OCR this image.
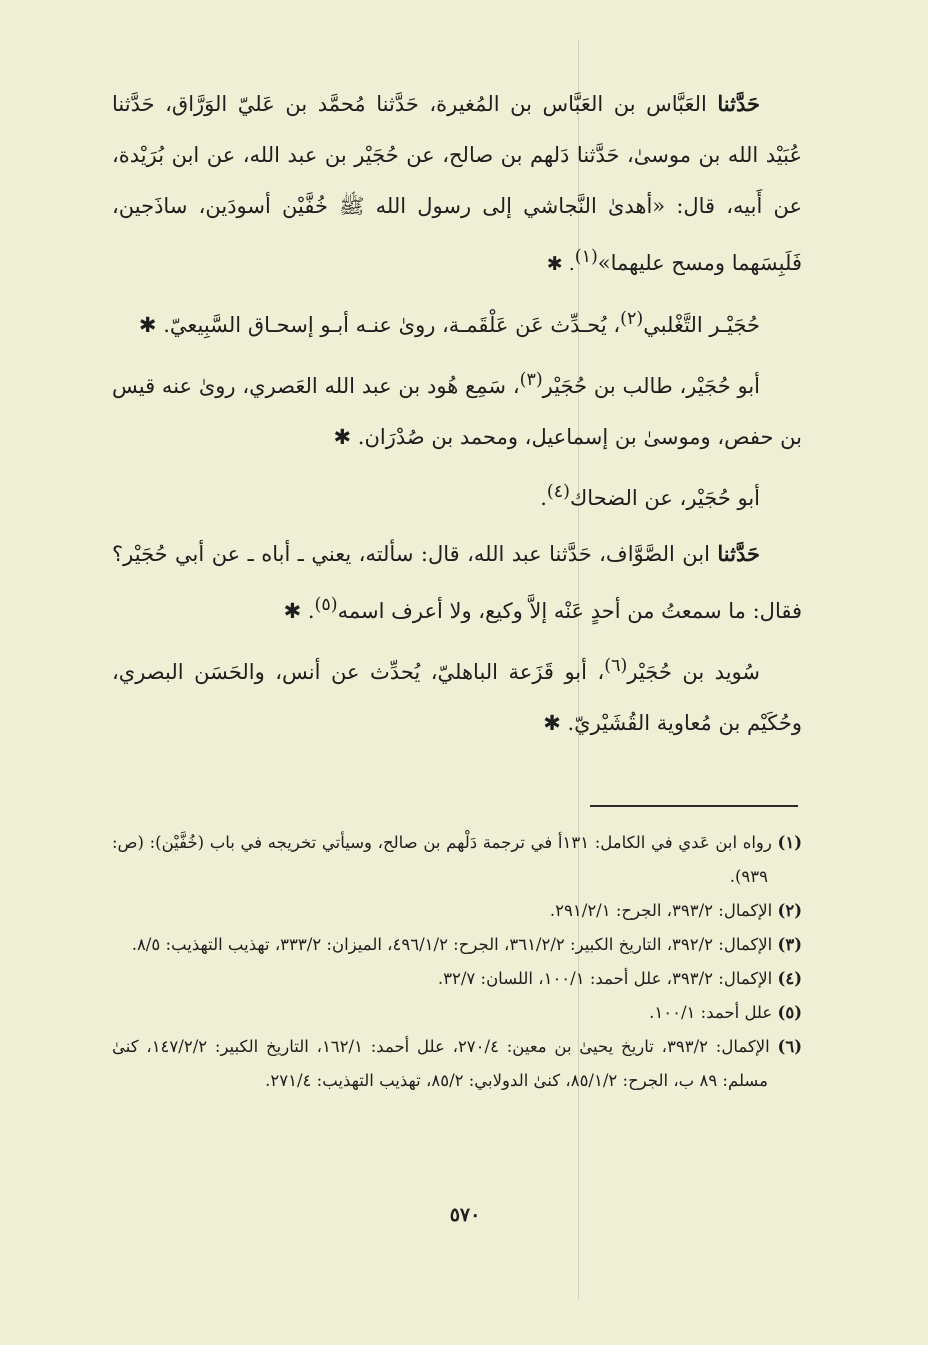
حَدَّثنا العَبَّاس بن العَبَّاس بن المُغيرة، حَدَّثنا مُحمَّد بن عَليّ الوَرَّاق، حَدَّثنا عُبَيْد الله بن موسىٰ، حَدَّثنا دَلهم بن صالح، عن حُجَيْر بن عبد الله، عن ابن بُرَيْدة، عن أَبيه، قال: «أهدىٰ النَّجاشي إلى رسول الله ﷺ خُفَّيْن أسودَين، ساذَجين، فَلَبِسَهما ومسح عليهما»$^{(١)}$. ✱

حُجَيْـر التَّغْلبي$^{(٢)}$، يُحـدِّث عَن عَلْقَمـة، روىٰ عنـه أبـو إسحـاق السَّبِيعيّ. ✱

أبو حُجَيْر، طالب بن حُجَيْر$^{(٣)}$، سَمِع هُود بن عبد الله العَصري، روىٰ عنه قيس بن حفص، وموسىٰ بن إسماعيل، ومحمد بن صُدْرَان. ✱

أبو حُجَيْر، عن الضحاك$^{(٤)}$.

حَدَّثنا ابن الصَّوَّاف، حَدَّثنا عبد الله، قال: سألته، يعني ـ أباه ـ عن أبي حُجَيْر؟ فقال: ما سمعتُ من أحدٍ عَنْه إلاَّ وكيع، ولا أعرف اسمه$^{(٥)}$. ✱

سُويد بن حُجَيْر$^{(٦)}$، أبو قَزَعة الباهليّ، يُحدِّث عن أنس، والحَسَن البصري، وحُكَيْم بن مُعاوية القُشَيْريّ. ✱

(١) رواه ابن عَدي في الكامل: ١٣١أ في ترجمة دَلْهم بن صالح، وسيأتي تخريجه في باب (خُفَّيْن): (ص: ٩٣٩).
(٢) الإكمال: ٣٩٣/٢، الجرح: ٢٩١/٢/١.
(٣) الإكمال: ٣٩٢/٢، التاريخ الكبير: ٣٦١/٢/٢، الجرح: ٤٩٦/١/٢، الميزان: ٣٣٣/٢، تهذيب التهذيب: ٨/٥.
(٤) الإكمال: ٣٩٣/٢، علل أحمد: ١٠٠/١، اللسان: ٣٢/٧.
(٥) علل أحمد: ١٠٠/١.
(٦) الإكمال: ٣٩٣/٢، تاريخ يحيىٰ بن معين: ٢٧٠/٤، علل أحمد: ١٦٢/١، التاريخ الكبير: ١٤٧/٢/٢، كنىٰ مسلم: ٨٩ ب، الجرح: ٨٥/١/٢، كنىٰ الدولابي: ٨٥/٢، تهذيب التهذيب: ٢٧١/٤.
٥٧٠
